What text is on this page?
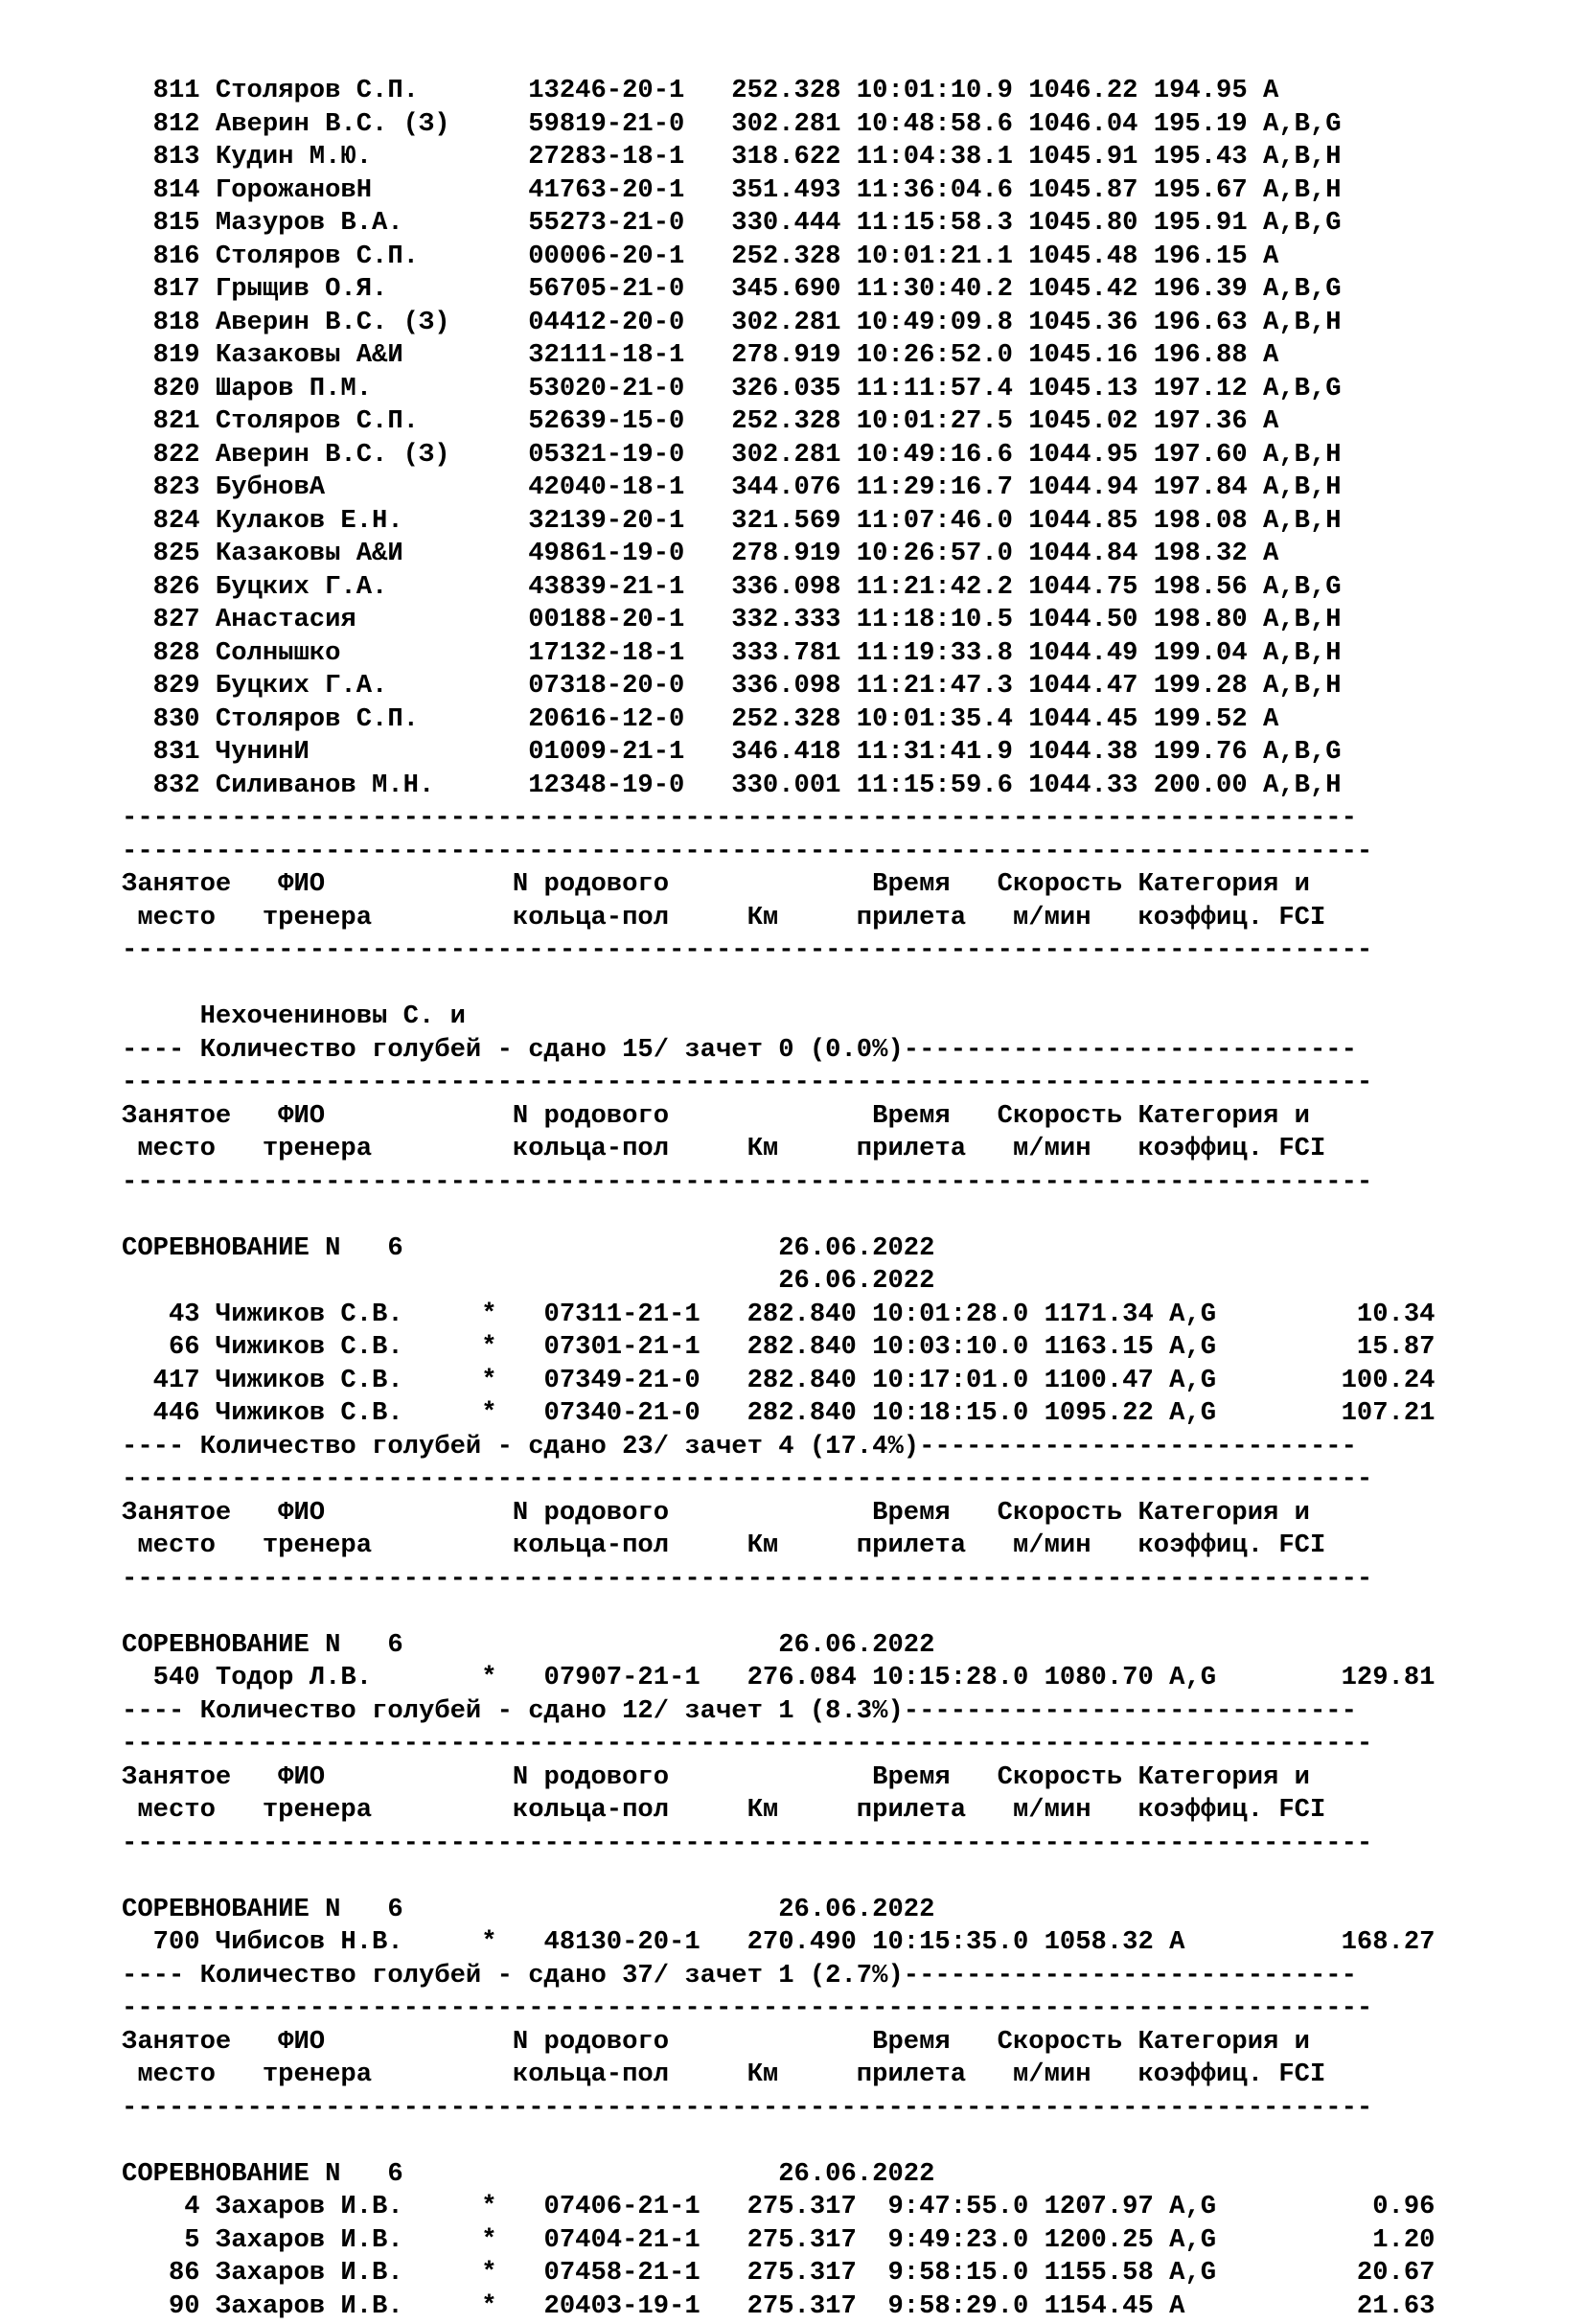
811 Столяров С.П.       13246-20-1   252.328 10:01:10.9 1046.22 194.95 A
812 Аверин В.С. (З)     59819-21-0   302.281 10:48:58.6 1046.04 195.19 A,B,G
813 Кудин М.Ю.          27283-18-1   318.622 11:04:38.1 1045.91 195.43 A,B,H
814 ГорожановН          41763-20-1   351.493 11:36:04.6 1045.87 195.67 A,B,H
815 Мазуров В.А.        55273-21-0   330.444 11:15:58.3 1045.80 195.91 A,B,G
816 Столяров С.П.       00006-20-1   252.328 10:01:21.1 1045.48 196.15 A
817 Грыщив О.Я.         56705-21-0   345.690 11:30:40.2 1045.42 196.39 A,B,G
818 Аверин В.С. (З)     04412-20-0   302.281 10:49:09.8 1045.36 196.63 A,B,H
819 Казаковы А&И        32111-18-1   278.919 10:26:52.0 1045.16 196.88 A
820 Шаров П.М.          53020-21-0   326.035 11:11:57.4 1045.13 197.12 A,B,G
821 Столяров С.П.       52639-15-0   252.328 10:01:27.5 1045.02 197.36 A
822 Аверин В.С. (З)     05321-19-0   302.281 10:49:16.6 1044.95 197.60 A,B,H
823 БубновА             42040-18-1   344.076 11:29:16.7 1044.94 197.84 A,B,H
824 Кулаков Е.Н.        32139-20-1   321.569 11:07:46.0 1044.85 198.08 A,B,H
825 Казаковы А&И        49861-19-0   278.919 10:26:57.0 1044.84 198.32 A
826 Буцких Г.А.         43839-21-1   336.098 11:21:42.2 1044.75 198.56 A,B,G
827 Анастасия           00188-20-1   332.333 11:18:10.5 1044.50 198.80 A,B,H
828 Солнышко            17132-18-1   333.781 11:19:33.8 1044.49 199.04 A,B,H
829 Буцких Г.А.         07318-20-0   336.098 11:21:47.3 1044.47 199.28 A,B,H
830 Столяров С.П.       20616-12-0   252.328 10:01:35.4 1044.45 199.52 A
831 ЧунинИ              01009-21-1   346.418 11:31:41.9 1044.38 199.76 A,B,G
832 Силиванов М.Н.      12348-19-0   330.001 11:15:59.6 1044.33 200.00 A,B,H
-------------------------------------------------------------------------------
--------------------------------------------------------------------------------
Занятое   ФИО            N родового             Время   Скорость Категория и
место   тренера         кольца-пол     Км     прилета   м/мин   коэффиц. FCI
--------------------------------------------------------------------------------
Нехочениновы С. и
---- Количество голубей - сдано 15/ зачет 0 (0.0%)-----------------------------
--------------------------------------------------------------------------------
Занятое   ФИО            N родового             Время   Скорость Категория и
место   тренера         кольца-пол     Км     прилета   м/мин   коэффиц. FCI
--------------------------------------------------------------------------------
СОРЕВНОВАНИЕ N   6                        26.06.2022
26.06.2022
43 Чижиков С.В.     *   07311-21-1   282.840 10:01:28.0 1171.34 A,G         10.34
66 Чижиков С.В.     *   07301-21-1   282.840 10:03:10.0 1163.15 A,G         15.87
417 Чижиков С.В.     *   07349-21-0   282.840 10:17:01.0 1100.47 A,G        100.24
446 Чижиков С.В.     *   07340-21-0   282.840 10:18:15.0 1095.22 A,G        107.21
---- Количество голубей - сдано 23/ зачет 4 (17.4%)----------------------------
--------------------------------------------------------------------------------
Занятое   ФИО            N родового             Время   Скорость Категория и
место   тренера         кольца-пол     Км     прилета   м/мин   коэффиц. FCI
--------------------------------------------------------------------------------
СОРЕВНОВАНИЕ N   6                        26.06.2022
540 Тодор Л.В.       *   07907-21-1   276.084 10:15:28.0 1080.70 A,G        129.81
---- Количество голубей - сдано 12/ зачет 1 (8.3%)-----------------------------
--------------------------------------------------------------------------------
Занятое   ФИО            N родового             Время   Скорость Категория и
место   тренера         кольца-пол     Км     прилета   м/мин   коэффиц. FCI
--------------------------------------------------------------------------------
СОРЕВНОВАНИЕ N   6                        26.06.2022
700 Чибисов Н.В.     *   48130-20-1   270.490 10:15:35.0 1058.32 A          168.27
---- Количество голубей - сдано 37/ зачет 1 (2.7%)-----------------------------
--------------------------------------------------------------------------------
Занятое   ФИО            N родового             Время   Скорость Категория и
место   тренера         кольца-пол     Км     прилета   м/мин   коэффиц. FCI
--------------------------------------------------------------------------------
СОРЕВНОВАНИЕ N   6                        26.06.2022
4 Захаров И.В.     *   07406-21-1   275.317  9:47:55.0 1207.97 A,G          0.96
5 Захаров И.В.     *   07404-21-1   275.317  9:49:23.0 1200.25 A,G          1.20
86 Захаров И.В.     *   07458-21-1   275.317  9:58:15.0 1155.58 A,G         20.67
90 Захаров И.В.     *   20403-19-1   275.317  9:58:29.0 1154.45 A           21.63
